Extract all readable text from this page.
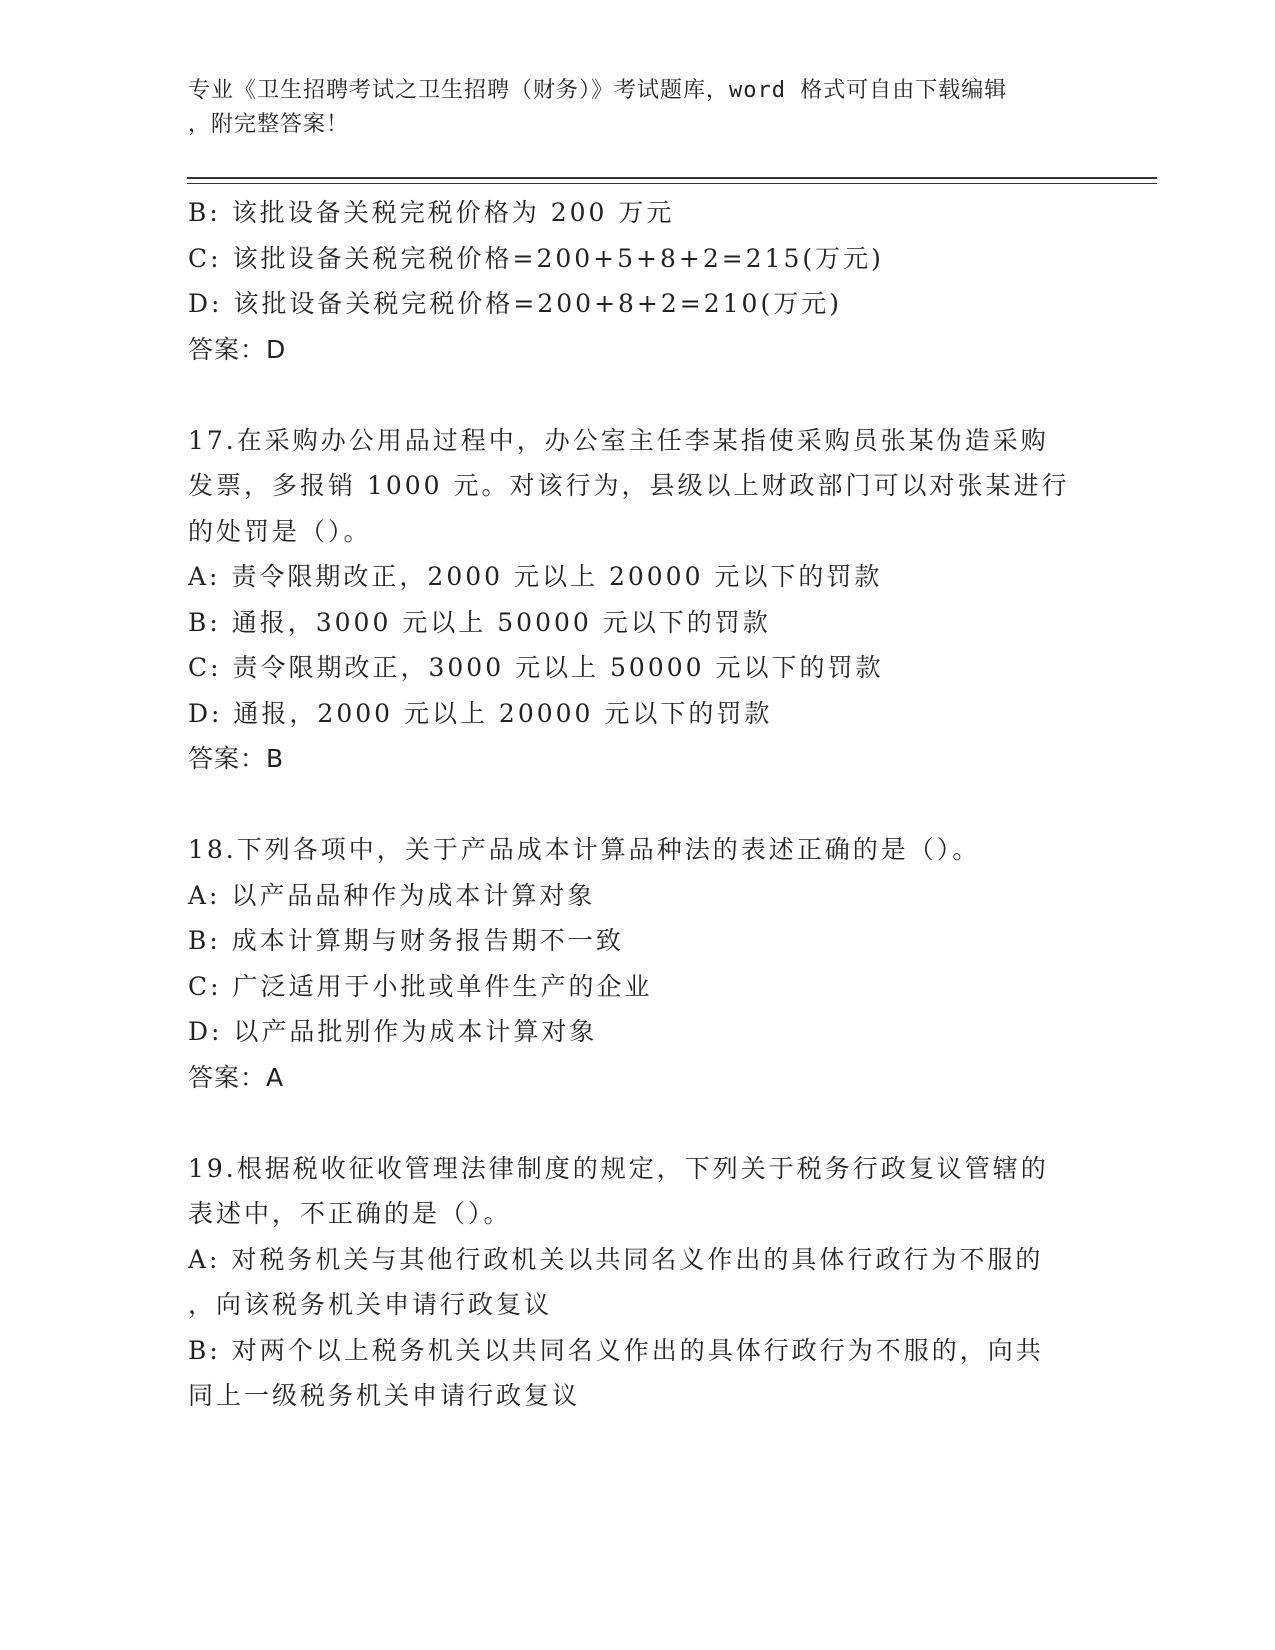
专业《卫生招聘考试之卫生招聘（财务）》考试题库，word 格式可自由下载编辑
，附完整答案！
B: 该批设备关税完税价格为 200 万元
C: 该批设备关税完税价格=200+5+8+2=215(万元)
D: 该批设备关税完税价格=200+8+2=210(万元)
答案：D
17.在采购办公用品过程中，办公室主任李某指使采购员张某伪造采购
发票，多报销 1000 元。对该行为，县级以上财政部门可以对张某进行
的处罚是（）。
A: 责令限期改正，2000 元以上 20000 元以下的罚款
B: 通报，3000 元以上 50000 元以下的罚款
C: 责令限期改正，3000 元以上 50000 元以下的罚款
D: 通报，2000 元以上 20000 元以下的罚款
答案：B
18.下列各项中，关于产品成本计算品种法的表述正确的是（）。
A: 以产品品种作为成本计算对象
B: 成本计算期与财务报告期不一致
C: 广泛适用于小批或单件生产的企业
D: 以产品批别作为成本计算对象
答案：A
19.根据税收征收管理法律制度的规定，下列关于税务行政复议管辖的
表述中，不正确的是（）。
A: 对税务机关与其他行政机关以共同名义作出的具体行政行为不服的
，向该税务机关申请行政复议
B: 对两个以上税务机关以共同名义作出的具体行政行为不服的，向共
同上一级税务机关申请行政复议
